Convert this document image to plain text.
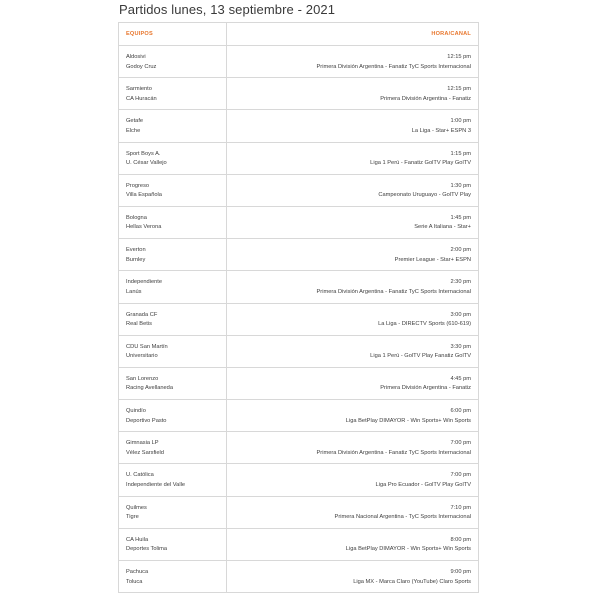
Partidos lunes, 13 septiembre - 2021
EQUIPOS	HORA/CANAL
Aldosivi
Godoy Cruz
12:15 pm
Primera División Argentina - Fanatiz TyC Sports Internacional
Sarmiento
CA Huracán
12:15 pm
Primera División Argentina - Fanatiz
Getafe
Elche
1:00 pm
La Liga - Star+ ESPN 3
Sport Boys A.
U. César Vallejo
1:15 pm
Liga 1 Perú - Fanatiz GolTV Play GolTV
Progreso
Villa Española
1:30 pm
Campeonato Uruguayo - GolTV Play
Bologna
Hellas Verona
1:45 pm
Serie A Italiana - Star+
Everton
Burnley
2:00 pm
Premier League - Star+ ESPN
Independiente
Lanús
2:30 pm
Primera División Argentina - Fanatiz TyC Sports Internacional
Granada CF
Real Betis
3:00 pm
La Liga - DIRECTV Sports (610-619)
CDU San Martín
Universitario
3:30 pm
Liga 1 Perú - GolTV Play Fanatiz GolTV
San Lorenzo
Racing Avellaneda
4:45 pm
Primera División Argentina - Fanatiz
Quindío
Deportivo Pasto
6:00 pm
Liga BetPlay DIMAYOR - Win Sports+ Win Sports
Gimnasia LP
Vélez Sarsfield
7:00 pm
Primera División Argentina - Fanatiz TyC Sports Internacional
U. Católica
Independiente del Valle
7:00 pm
Liga Pro Ecuador - GolTV Play GolTV
Quilmes
Tigre
7:10 pm
Primera Nacional Argentina - TyC Sports Internacional
CA Huila
Deportes Tolima
8:00 pm
Liga BetPlay DIMAYOR - Win Sports+ Win Sports
Pachuca
Toluca
9:00 pm
Liga MX - Marca Claro (YouTube) Claro Sports
